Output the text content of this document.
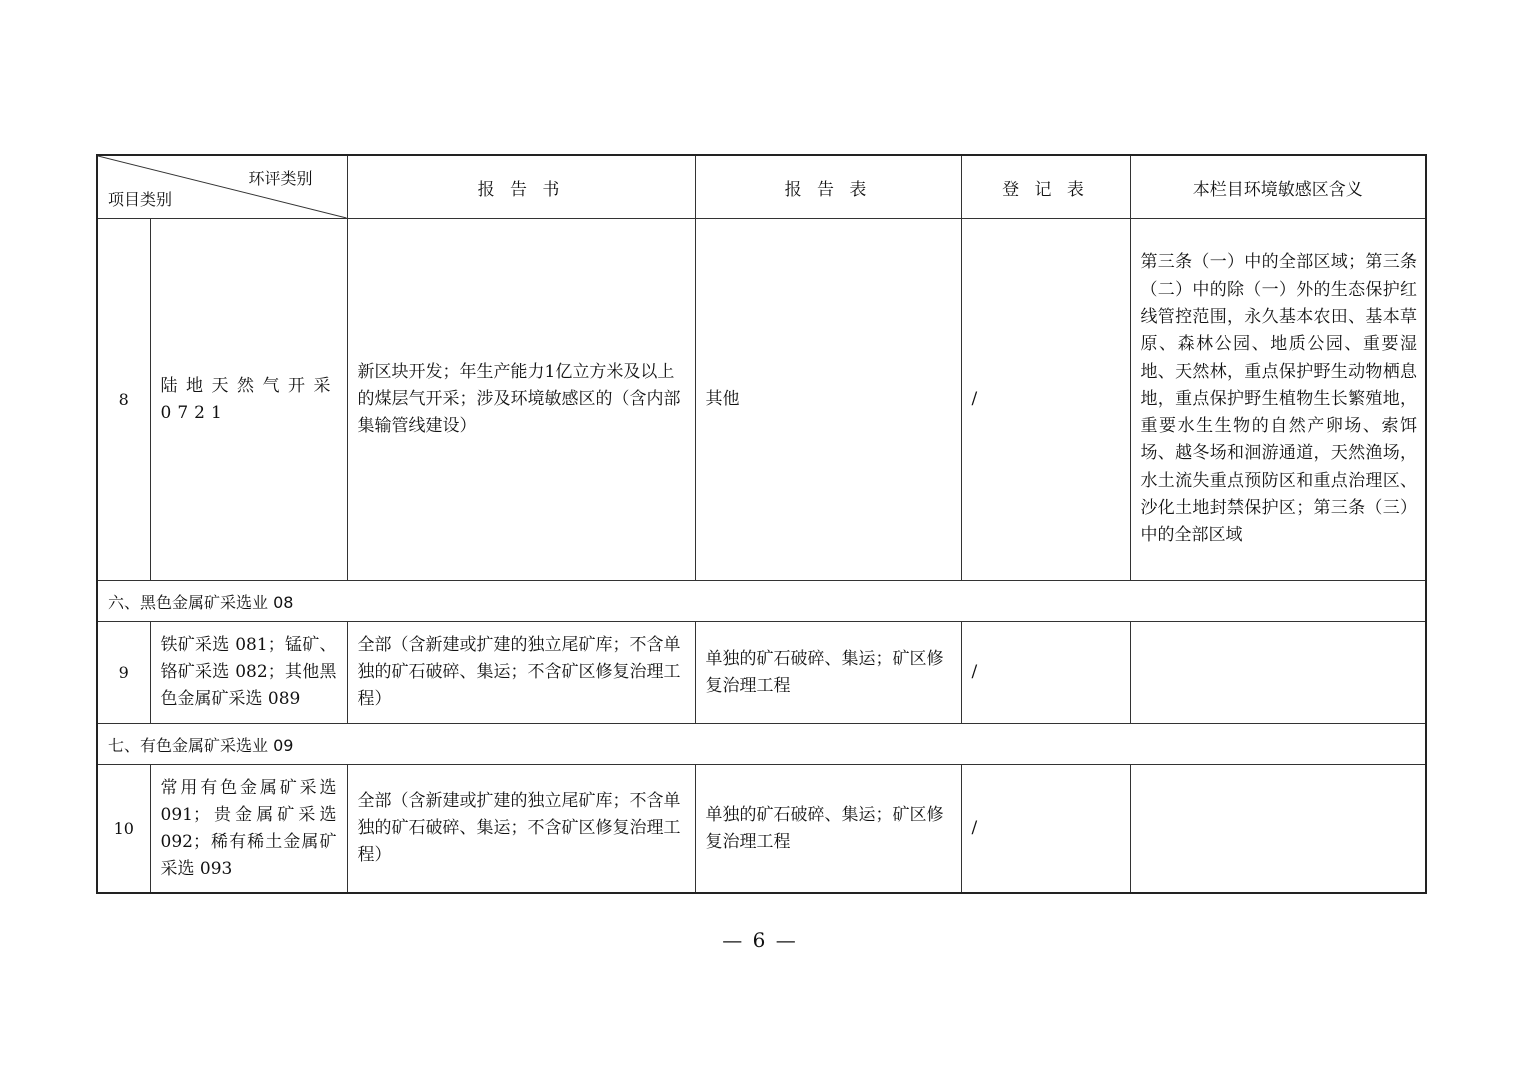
环评类别
项目类别		报 告 书	报 告 表	登 记 表	本栏目环境敏感区含义
8	陆地天然气开采0721	新区块开发；年生产能力1亿立方米及以上的煤层气开采；涉及环境敏感区的（含内部集输管线建设）	其他	/	第三条（一）中的全部区域；第三条（二）中的除（一）外的生态保护红线管控范围，永久基本农田、基本草原、森林公园、地质公园、重要湿地、天然林，重点保护野生动物栖息地，重点保护野生植物生长繁殖地，重要水生生物的自然产卵场、索饵场、越冬场和洄游通道，天然渔场，水土流失重点预防区和重点治理区、沙化土地封禁保护区；第三条（三）中的全部区域
六、黑色金属矿采选业 08					
9	铁矿采选 081；锰矿、铬矿采选 082；其他黑色金属矿采选 089	全部（含新建或扩建的独立尾矿库；不含单独的矿石破碎、集运；不含矿区修复治理工程）	单独的矿石破碎、集运；矿区修复治理工程	/	
七、有色金属矿采选业 09					
10	常用有色金属矿采选 091；贵金属矿采选 092；稀有稀土金属矿采选 093	全部（含新建或扩建的独立尾矿库；不含单独的矿石破碎、集运；不含矿区修复治理工程）	单独的矿石破碎、集运；矿区修复治理工程	/	
— 6 —
